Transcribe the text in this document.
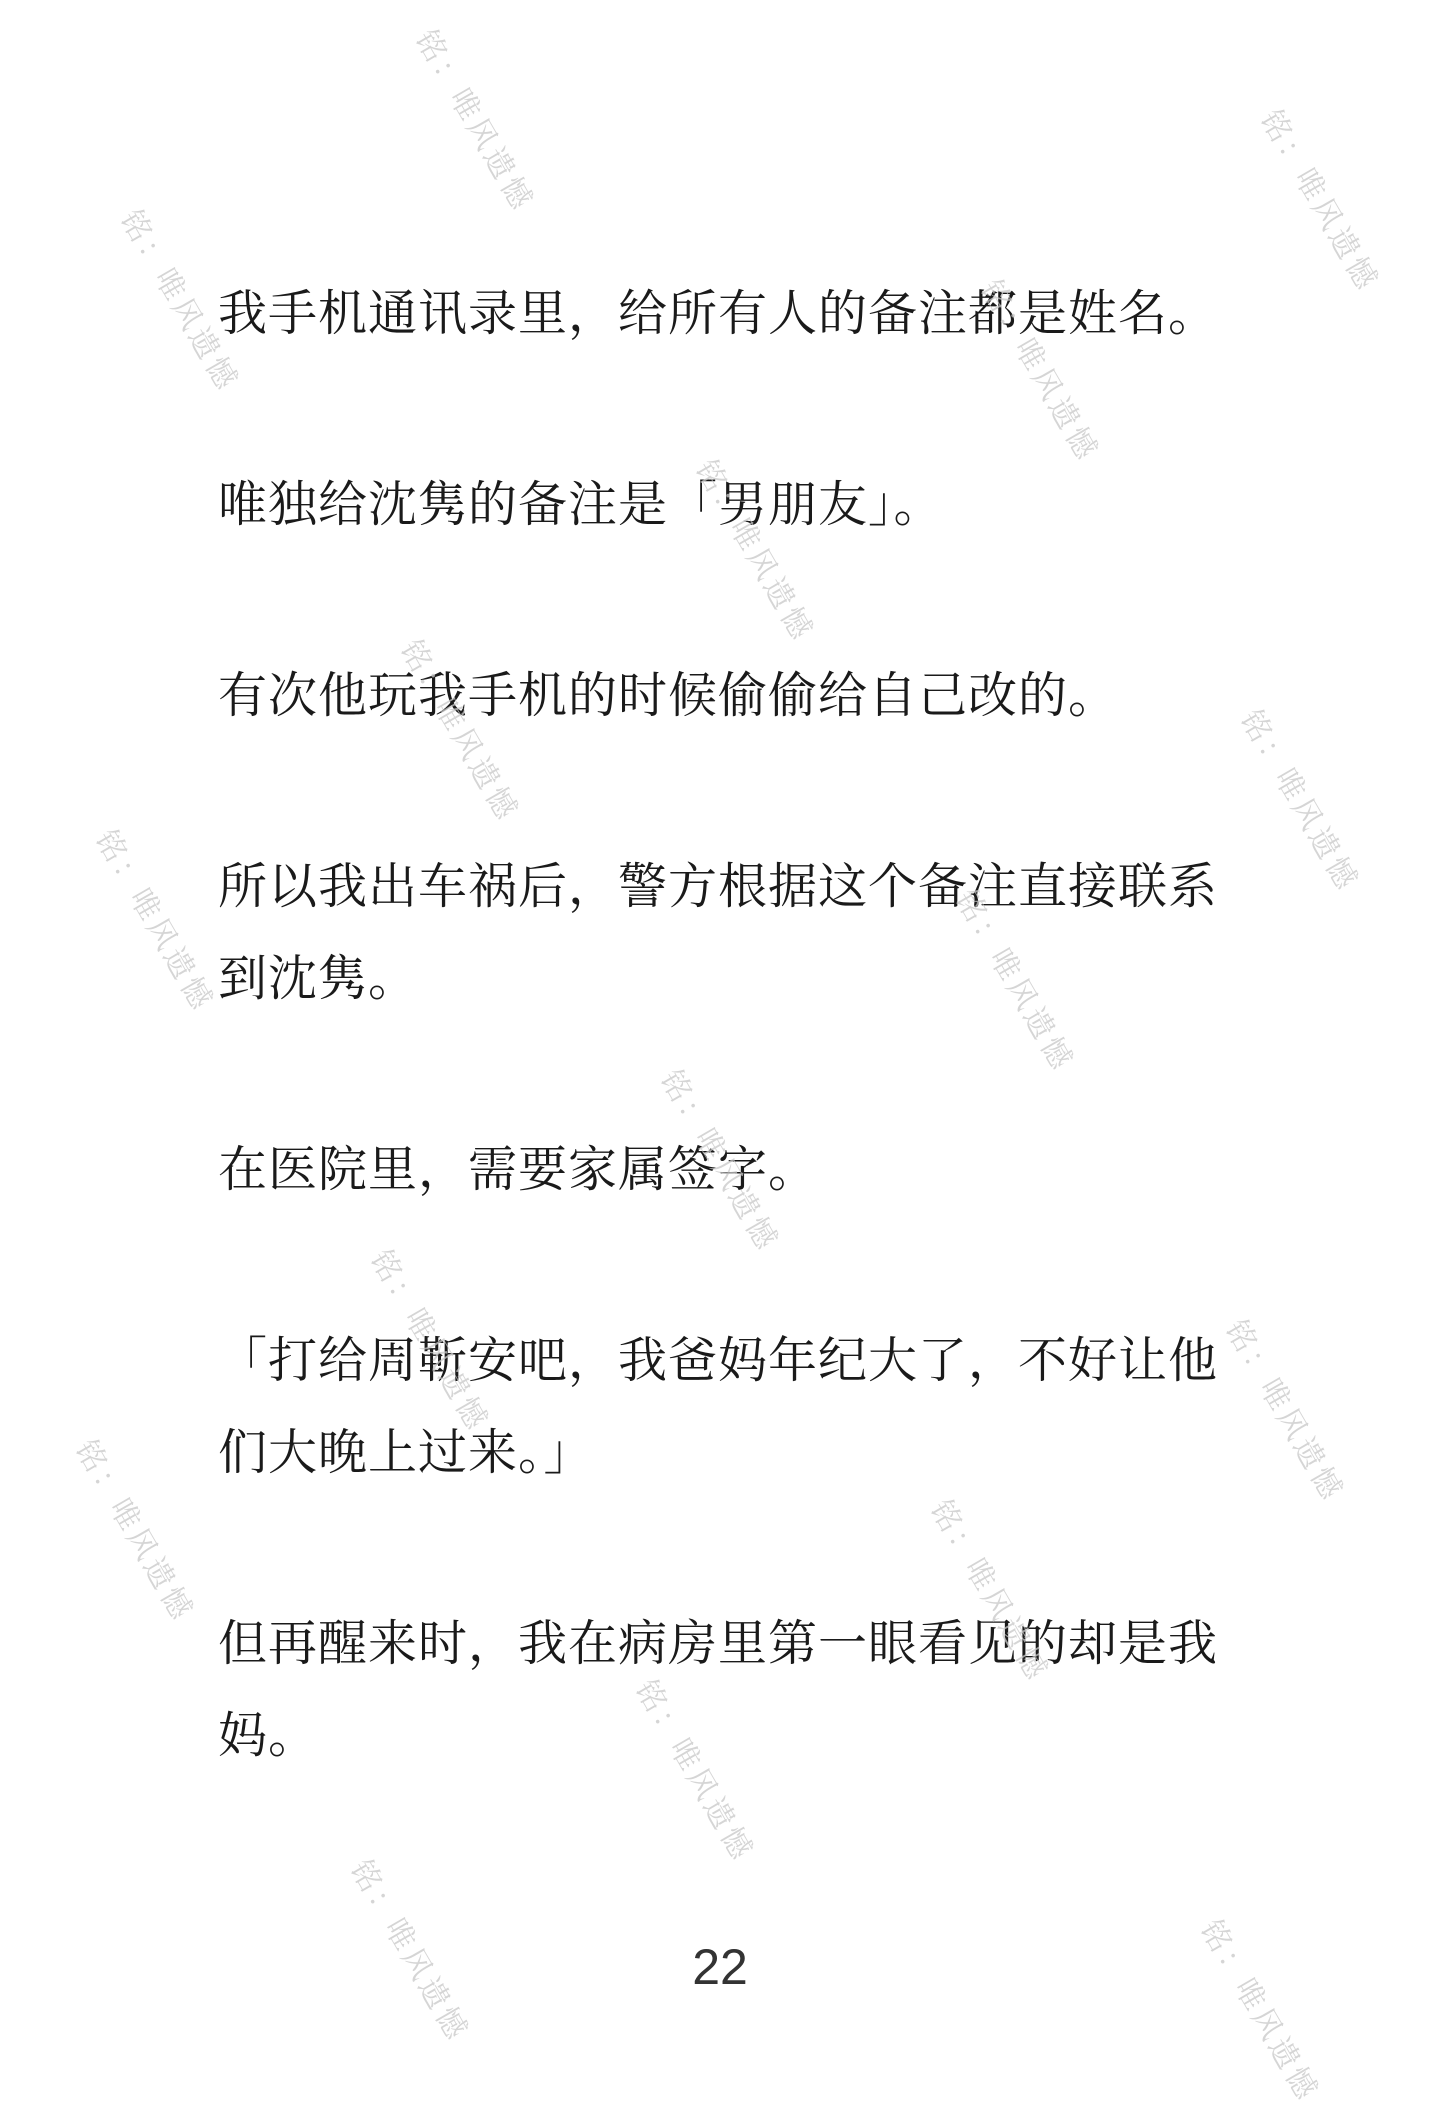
我手机通讯录里，给所有人的备注都是姓名。

唯独给沈隽的备注是「男朋友」。

有次他玩我手机的时候偷偷给自己改的。

所以我出车祸后，警方根据这个备注直接联系到沈隽。

在医院里，需要家属签字。

「打给周靳安吧，我爸妈年纪大了，不好让他们大晚上过来。」

但再醒来时，我在病房里第一眼看见的却是我妈。

22
铭：唯风遗憾	铭：唯风遗憾
铭：唯风遗憾	铭：唯风遗憾
铭：唯风遗憾
铭：唯风遗憾	铭：唯风遗憾
铭：唯风遗憾	铭：唯风遗憾
铭：唯风遗憾
铭：唯风遗憾	铭：唯风遗憾
铭：唯风遗憾	铭：唯风遗憾
铭：唯风遗憾
铭：唯风遗憾	铭：唯风遗憾
